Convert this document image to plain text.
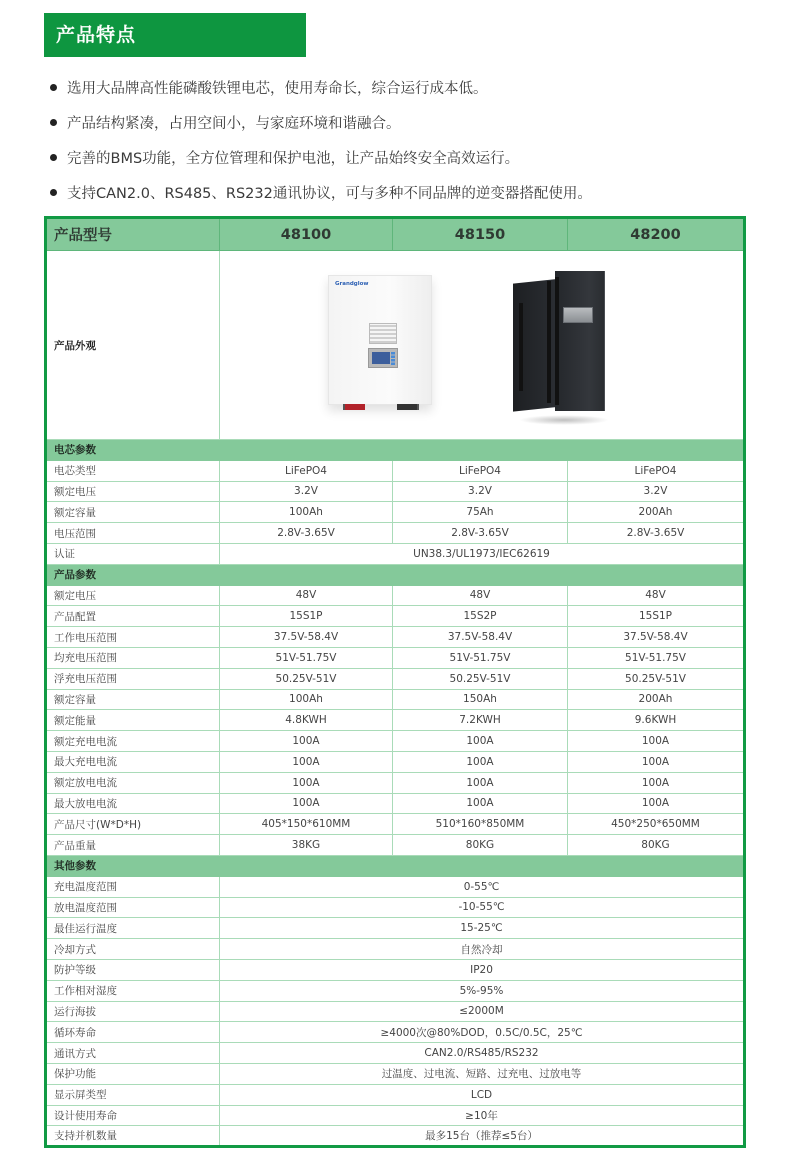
产品特点
选用大品牌高性能磷酸铁锂电芯，使用寿命长，综合运行成本低。
产品结构紧凑，占用空间小，与家庭环境和谐融合。
完善的BMS功能，全方位管理和保护电池，让产品始终安全高效运行。
支持CAN2.0、RS485、RS232通讯协议，可与多种不同品牌的逆变器搭配使用。
产品型号	48100	48150	48200
产品外观	Grandglow		

电芯参数			
电芯类型	LiFePO4	LiFePO4	LiFePO4
额定电压	3.2V	3.2V	3.2V
额定容量	100Ah	75Ah	200Ah
电压范围	2.8V-3.65V	2.8V-3.65V	2.8V-3.65V
认证	UN38.3/UL1973/IEC62619		
产品参数			
额定电压	48V	48V	48V
产品配置	15S1P	15S2P	15S1P
工作电压范围	37.5V-58.4V	37.5V-58.4V	37.5V-58.4V
均充电压范围	51V-51.75V	51V-51.75V	51V-51.75V
浮充电压范围	50.25V-51V	50.25V-51V	50.25V-51V
额定容量	100Ah	150Ah	200Ah
额定能量	4.8KWH	7.2KWH	9.6KWH
额定充电电流	100A	100A	100A
最大充电电流	100A	100A	100A
额定放电电流	100A	100A	100A
最大放电电流	100A	100A	100A
产品尺寸(W*D*H)	405*150*610MM	510*160*850MM	450*250*650MM
产品重量	38KG	80KG	80KG
其他参数			
充电温度范围	0-55℃		
放电温度范围	-10-55℃		
最佳运行温度	15-25℃		
冷却方式	自然冷却		
防护等级	IP20		
工作相对湿度	5%-95%		
运行海拔	≤2000M		
循环寿命	≥4000次@80%DOD，0.5C/0.5C，25℃		
通讯方式	CAN2.0/RS485/RS232		
保护功能	过温度、过电流、短路、过充电、过放电等		
显示屏类型	LCD		
设计使用寿命	≥10年		
支持并机数量	最多15台（推荐≤5台）		
